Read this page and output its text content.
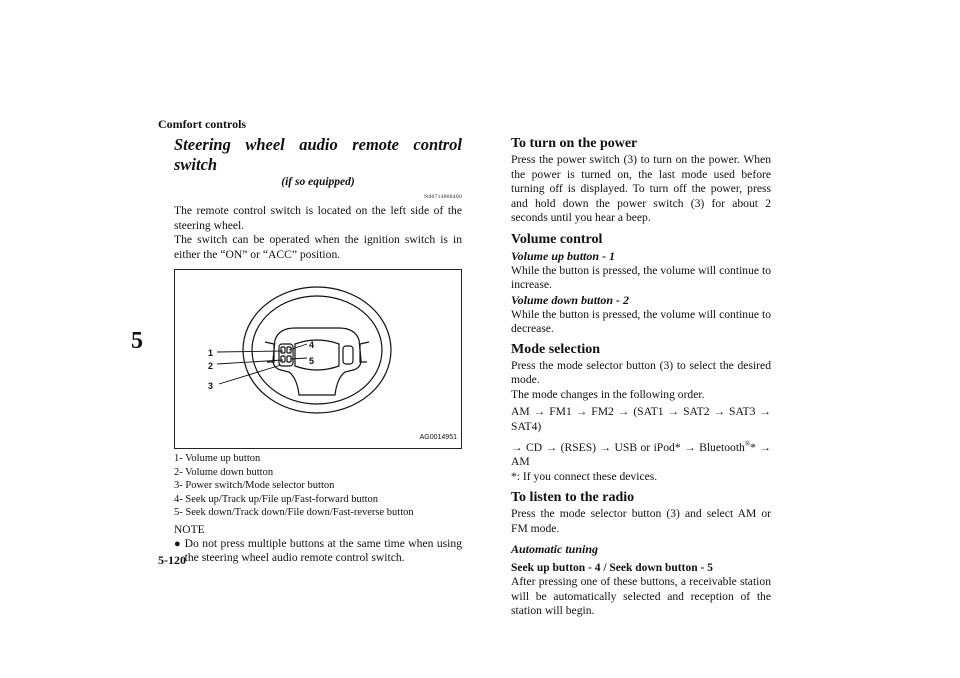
Comfort controls
5

Steering wheel audio remote control switch

(if so equipped)

N00714800400

The remote control switch is located on the left side of the steering wheel.

The switch can be operated when the ignition switch is in either the “ON” or “ACC” position.

1
2
3
4
5
AG0014951
1- Volume up button
2- Volume down button
3- Power switch/Mode selector button
4- Seek up/Track up/File up/Fast-forward button
5- Seek down/Track down/File down/Fast-reverse button
NOTE
● Do not press multiple buttons at the same time when using the steering wheel audio remote control switch.

To turn on the power

Press the power switch (3) to turn on the power. When the power is turned on, the last mode used before turning off is displayed. To turn off the power, press and hold down the power switch (3) for about 2 seconds until you hear a beep.

Volume control

Volume up button - 1

While the button is pressed, the volume will continue to increase.

Volume down button - 2

While the button is pressed, the volume will continue to decrease.

Mode selection

Press the mode selector button (3) to select the desired mode.

The mode changes in the following order.

AM → FM1 → FM2 → (SAT1 → SAT2 → SAT3 → SAT4)

→ CD → (RSES) → USB or iPod* → Bluetooth®* → AM

*: If you connect these devices.

To listen to the radio

Press the mode selector button (3) and select AM or FM mode.

Automatic tuning

Seek up button - 4 / Seek down button - 5

After pressing one of these buttons, a receivable station will be automatically selected and reception of the station will begin.

5-120
